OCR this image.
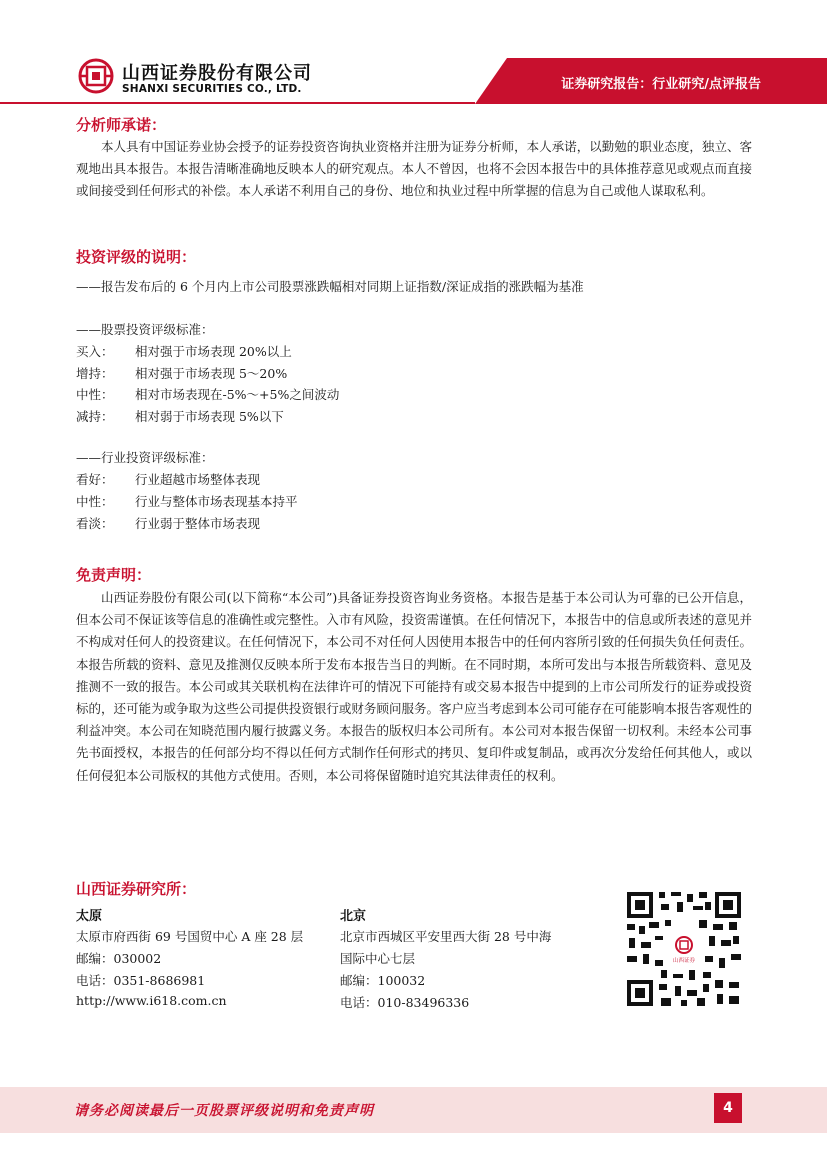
山西证券股份有限公司
SHANXI SECURITIES CO., LTD.	证券研究报告：行业研究/点评报告
分析师承诺：

本人具有中国证券业协会授予的证券投资咨询执业资格并注册为证券分析师，本人承诺，以勤勉的职业态度，独立、客观地出具本报告。本报告清晰准确地反映本人的研究观点。本人不曾因，也将不会因本报告中的具体推荐意见或观点而直接或间接受到任何形式的补偿。本人承诺不利用自己的身份、地位和执业过程中所掌握的信息为自己或他人谋取私利。

投资评级的说明：
——报告发布后的 6 个月内上市公司股票涨跌幅相对同期上证指数/深证成指的涨跌幅为基准
——股票投资评级标准：
买入： 相对强于市场表现 20%以上
增持： 相对强于市场表现 5～20%
中性： 相对市场表现在-5%～+5%之间波动
减持： 相对弱于市场表现 5%以下
——行业投资评级标准：
看好： 行业超越市场整体表现
中性： 行业与整体市场表现基本持平
看淡： 行业弱于整体市场表现
免责声明：

山西证券股份有限公司(以下简称“本公司”)具备证券投资咨询业务资格。本报告是基于本公司认为可靠的已公开信息，但本公司不保证该等信息的准确性或完整性。入市有风险，投资需谨慎。在任何情况下，本报告中的信息或所表述的意见并不构成对任何人的投资建议。在任何情况下，本公司不对任何人因使用本报告中的任何内容所引致的任何损失负任何责任。本报告所载的资料、意见及推测仅反映本所于发布本报告当日的判断。在不同时期，本所可发出与本报告所载资料、意见及推测不一致的报告。本公司或其关联机构在法律许可的情况下可能持有或交易本报告中提到的上市公司所发行的证券或投资标的，还可能为或争取为这些公司提供投资银行或财务顾问服务。客户应当考虑到本公司可能存在可能影响本报告客观性的利益冲突。本公司在知晓范围内履行披露义务。本报告的版权归本公司所有。本公司对本报告保留一切权利。未经本公司事先书面授权，本报告的任何部分均不得以任何方式制作任何形式的拷贝、复印件或复制品，或再次分发给任何其他人，或以任何侵犯本公司版权的其他方式使用。否则，本公司将保留随时追究其法律责任的权利。

山西证券研究所：
太原
太原市府西街 69 号国贸中心 A 座 28 层
邮编：030002
电话：0351-8686981
http://www.i618.com.cn
北京
北京市西城区平安里西大街 28 号中海
国际中心七层
邮编：100032
电话：010-83496336
山西证券
请务必阅读最后一页股票评级说明和免责声明	4
